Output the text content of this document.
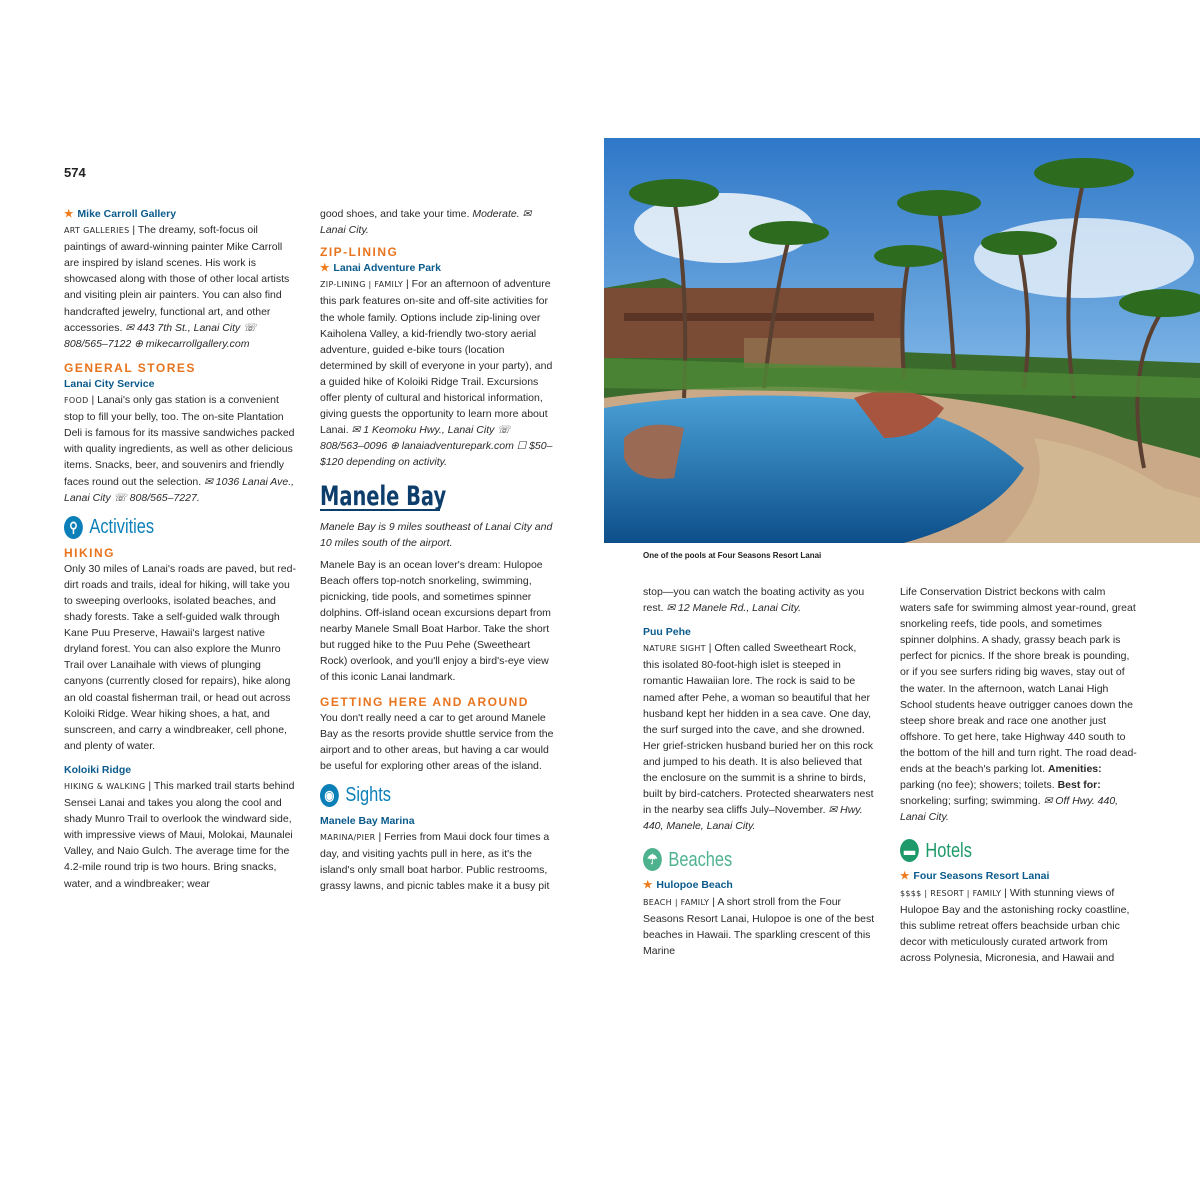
574

★ Mike Carroll Gallery
ART GALLERIES | The dreamy, soft-focus oil paintings of award-winning painter Mike Carroll are inspired by island scenes. His work is showcased along with those of other local artists and visiting plein air painters. You can also find handcrafted jewelry, functional art, and other accessories. ✉ 443 7th St., Lanai City ☏ 808/565–7122 ⊕ mikecarrollgallery.com

GENERAL STORES

Lanai City Service
FOOD | Lanai's only gas station is a convenient stop to fill your belly, too. The on-site Plantation Deli is famous for its massive sandwiches packed with quality ingredients, as well as other delicious items. Snacks, beer, and souvenirs and friendly faces round out the selection. ✉ 1036 Lanai Ave., Lanai City ☏ 808/565–7227.

⚲ Activities
HIKING

Only 30 miles of Lanai's roads are paved, but red-dirt roads and trails, ideal for hiking, will take you to sweeping overlooks, isolated beaches, and shady forests. Take a self-guided walk through Kane Puu Preserve, Hawaii's largest native dryland forest. You can also explore the Munro Trail over Lanaihale with views of plunging canyons (currently closed for repairs), hike along an old coastal fisherman trail, or head out across Koloiki Ridge. Wear hiking shoes, a hat, and sunscreen, and carry a windbreaker, cell phone, and plenty of water.

Koloiki Ridge
HIKING & WALKING | This marked trail starts behind Sensei Lanai and takes you along the cool and shady Munro Trail to overlook the windward side, with impressive views of Maui, Molokai, Maunalei Valley, and Naio Gulch. The average time for the 4.2-mile round trip is two hours. Bring snacks, water, and a windbreaker; wear

good shoes, and take your time. Moderate. ✉ Lanai City.

ZIP-LINING

★ Lanai Adventure Park
ZIP-LINING | FAMILY | For an afternoon of adventure this park features on-site and off-site activities for the whole family. Options include zip-lining over Kaiholena Valley, a kid-friendly two-story aerial adventure, guided e-bike tours (location determined by skill of everyone in your party), and a guided hike of Koloiki Ridge Trail. Excursions offer plenty of cultural and historical information, giving guests the opportunity to learn more about Lanai. ✉ 1 Keomoku Hwy., Lanai City ☏ 808/563–0096 ⊕ lanaiadventurepark.com ☐ $50–$120 depending on activity.

Manele Bay

Manele Bay is 9 miles southeast of Lanai City and 10 miles south of the airport.

Manele Bay is an ocean lover's dream: Hulopoe Beach offers top-notch snorkeling, swimming, picnicking, tide pools, and sometimes spinner dolphins. Off-island ocean excursions depart from nearby Manele Small Boat Harbor. Take the short but rugged hike to the Puu Pehe (Sweetheart Rock) overlook, and you'll enjoy a bird's-eye view of this iconic Lanai landmark.

GETTING HERE AND AROUND

You don't really need a car to get around Manele Bay as the resorts provide shuttle service from the airport and to other areas, but having a car would be useful for exploring other areas of the island.

◉ Sights

Manele Bay Marina
MARINA/PIER | Ferries from Maui dock four times a day, and visiting yachts pull in here, as it's the island's only small boat harbor. Public restrooms, grassy lawns, and picnic tables make it a busy pit

One of the pools at Four Seasons Resort Lanai

stop—you can watch the boating activity as you rest. ✉ 12 Manele Rd., Lanai City.

Puu Pehe
NATURE SIGHT | Often called Sweetheart Rock, this isolated 80-foot-high islet is steeped in romantic Hawaiian lore. The rock is said to be named after Pehe, a woman so beautiful that her husband kept her hidden in a sea cave. One day, the surf surged into the cave, and she drowned. Her grief-stricken husband buried her on this rock and jumped to his death. It is also believed that the enclosure on the summit is a shrine to birds, built by bird-catchers. Protected shearwaters nest in the nearby sea cliffs July–November. ✉ Hwy. 440, Manele, Lanai City.

☂ Beaches

★ Hulopoe Beach
BEACH | FAMILY | A short stroll from the Four Seasons Resort Lanai, Hulopoe is one of the best beaches in Hawaii. The sparkling crescent of this Marine

Life Conservation District beckons with calm waters safe for swimming almost year-round, great snorkeling reefs, tide pools, and sometimes spinner dolphins. A shady, grassy beach park is perfect for picnics. If the shore break is pounding, or if you see surfers riding big waves, stay out of the water. In the afternoon, watch Lanai High School students heave outrigger canoes down the steep shore break and race one another just offshore. To get here, take Highway 440 south to the bottom of the hill and turn right. The road dead-ends at the beach's parking lot. Amenities: parking (no fee); showers; toilets. Best for: snorkeling; surfing; swimming. ✉ Off Hwy. 440, Lanai City.

▬ Hotels

★ Four Seasons Resort Lanai
$$$$ | RESORT | FAMILY | With stunning views of Hulopoe Bay and the astonishing rocky coastline, this sublime retreat offers beachside urban chic decor with meticulously curated artwork from across Polynesia, Micronesia, and Hawaii and
